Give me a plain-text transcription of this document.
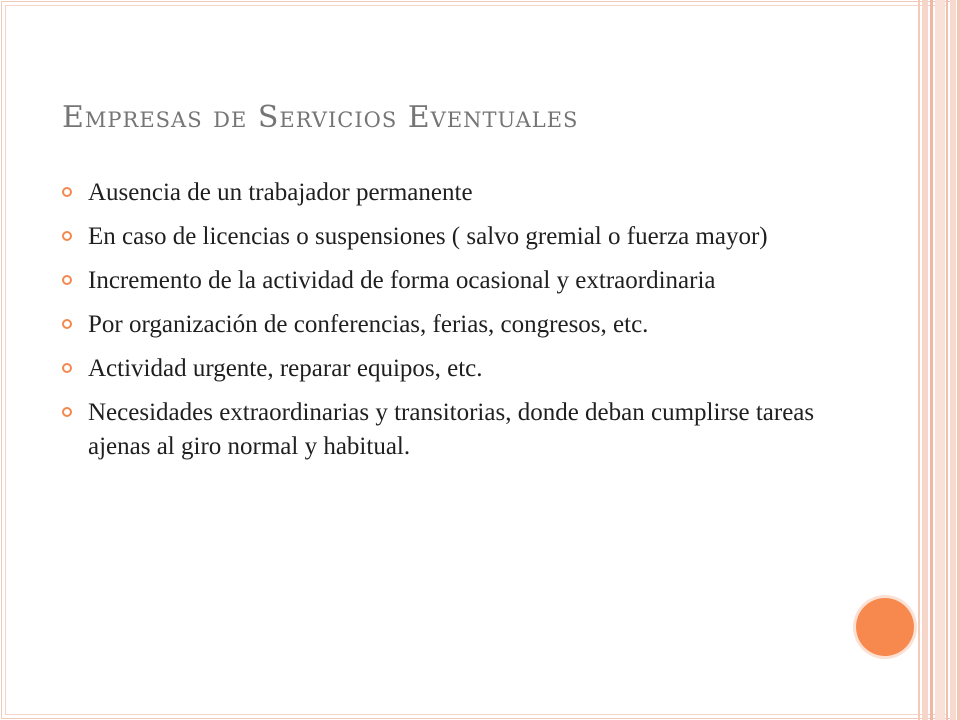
Empresas de Servicios Eventuales
Ausencia de un trabajador permanente
En caso de licencias o suspensiones ( salvo gremial o fuerza mayor)
Incremento de la actividad de forma ocasional y extraordinaria
Por organización de conferencias, ferias, congresos, etc.
Actividad urgente, reparar equipos, etc.
Necesidades extraordinarias y transitorias, donde deban cumplirse tareas ajenas al giro normal y habitual.
